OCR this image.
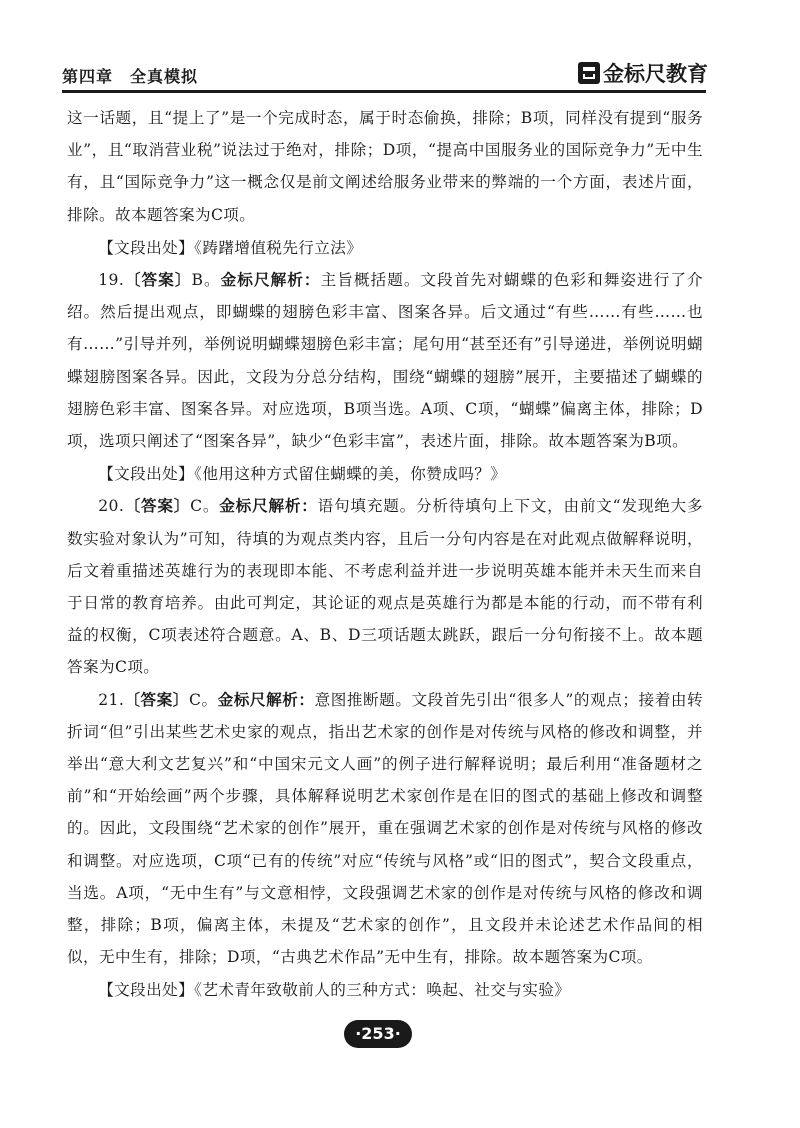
第四章　全真模拟	金标尺教育

这一话题，且“提上了”是一个完成时态，属于时态偷换，排除；B项，同样没有提到“服务业”，且“取消营业税”说法过于绝对，排除；D项，“提高中国服务业的国际竞争力”无中生有，且“国际竞争力”这一概念仅是前文阐述给服务业带来的弊端的一个方面，表述片面，排除。故本题答案为C项。

【文段出处】《踌躇增值税先行立法》

19.〔答案〕B。金标尺解析：主旨概括题。文段首先对蝴蝶的色彩和舞姿进行了介绍。然后提出观点，即蝴蝶的翅膀色彩丰富、图案各异。后文通过“有些……有些……也有……”引导并列，举例说明蝴蝶翅膀色彩丰富；尾句用“甚至还有”引导递进，举例说明蝴蝶翅膀图案各异。因此，文段为分总分结构，围绕“蝴蝶的翅膀”展开，主要描述了蝴蝶的翅膀色彩丰富、图案各异。对应选项，B项当选。A项、C项，“蝴蝶”偏离主体，排除；D项，选项只阐述了“图案各异”，缺少“色彩丰富”，表述片面，排除。故本题答案为B项。

【文段出处】《他用这种方式留住蝴蝶的美，你赞成吗？》

20.〔答案〕C。金标尺解析：语句填充题。分析待填句上下文，由前文“发现绝大多数实验对象认为”可知，待填的为观点类内容，且后一分句内容是在对此观点做解释说明，后文着重描述英雄行为的表现即本能、不考虑利益并进一步说明英雄本能并未天生而来自于日常的教育培养。由此可判定，其论证的观点是英雄行为都是本能的行动，而不带有利益的权衡，C项表述符合题意。A、B、D三项话题太跳跃，跟后一分句衔接不上。故本题答案为C项。

21.〔答案〕C。金标尺解析：意图推断题。文段首先引出“很多人”的观点；接着由转折词“但”引出某些艺术史家的观点，指出艺术家的创作是对传统与风格的修改和调整，并举出“意大利文艺复兴”和“中国宋元文人画”的例子进行解释说明；最后利用“准备题材之前”和“开始绘画”两个步骤，具体解释说明艺术家创作是在旧的图式的基础上修改和调整的。因此，文段围绕“艺术家的创作”展开，重在强调艺术家的创作是对传统与风格的修改和调整。对应选项，C项“已有的传统”对应“传统与风格”或“旧的图式”，契合文段重点，当选。A项，“无中生有”与文意相悖，文段强调艺术家的创作是对传统与风格的修改和调整，排除；B项，偏离主体，未提及“艺术家的创作”，且文段并未论述艺术作品间的相似，无中生有，排除；D项，“古典艺术作品”无中生有，排除。故本题答案为C项。

【文段出处】《艺术青年致敬前人的三种方式：唤起、社交与实验》

·253·
